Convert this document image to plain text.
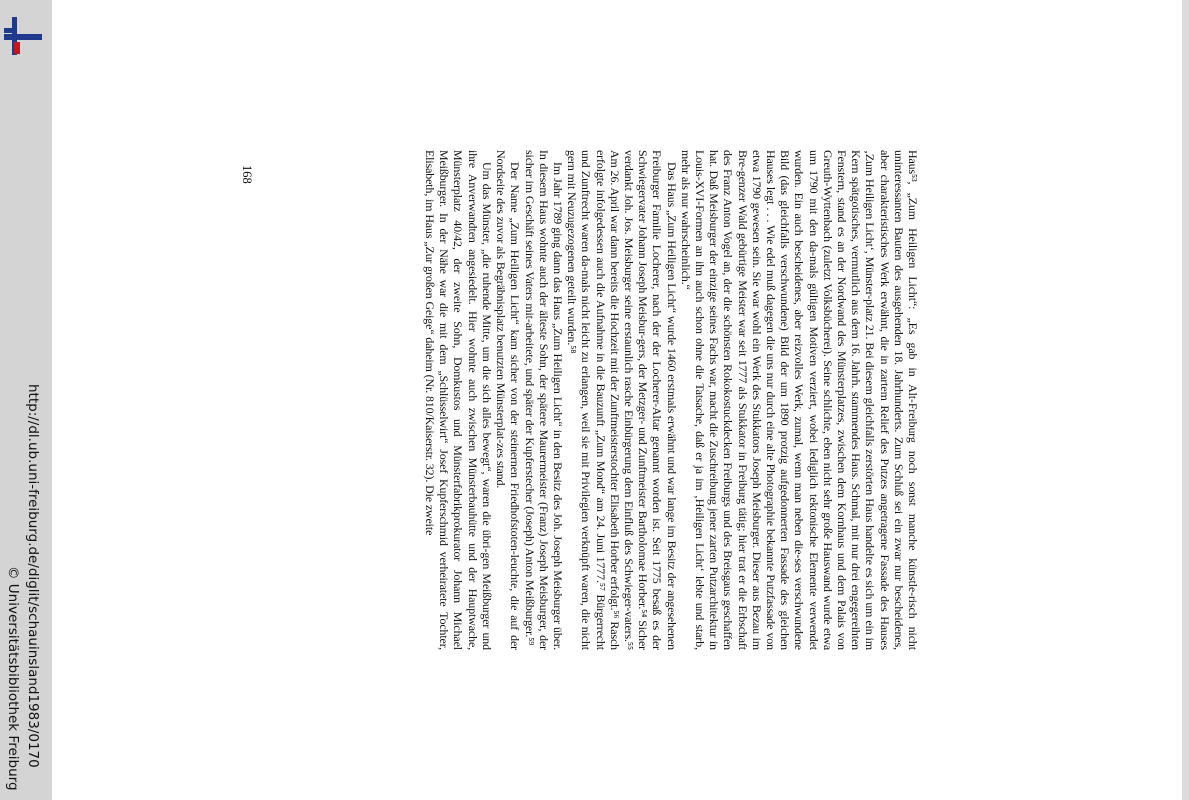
Haus⁵³, „Zum Heiligen Licht“: „Es gab in Alt-Freiburg noch sonst manche künstle-risch nicht uninteressanten Bauten des ausgehenden 18. Jahrhunderts. Zum Schluß sei ein zwar nur bescheidenes, aber charakteristisches Werk erwähnt, die in zartem Relief des Putzes angetragene Fassade des Hauses ‚Zum Heiligen Licht‘, Münster-platz 21. Bei diesem gleichfalls zerstörten Haus handelte es sich um ein im Kern spätgotisches, vermutlich aus dem 16. Jahrh. stammendes Haus. Schmal, mit nur drei engegereihten Fenstern, stand es an der Nordwand des Münsterplatzes, zwischen dem Kornhaus und dem Palais von Greuth-Wyttenbach (zuletzt Volksbücherei). Seine schlichte, eben nicht sehr große Hauswand wurde etwa um 1790 mit den da-mals gültigen Motiven verziert, wobei lediglich tektonische Elemente verwendet wurden. Ein auch bescheidenes, aber reizvolles Werk, zumal, wenn man neben die-ses verschwundene Bild (das gleichfalls verschwundene) Bild der um 1890 protzig aufgedonnerten Fassade des gleichen Hauses legt . . . Wie edel muß dagegen die uns nur durch eine alte Photographie bekannte Putzfassade von etwa 1790 gewesen sein. Sie war wohl ein Werk des Stukkators Joseph Meisburger. Dieser aus Bezau im Bre-genzer Wald gebürtige Meister war seit 1777 als Stukkator in Freiburg tätig; hier trat er die Erbschaft des Franz Anton Vogel an, der die schönsten Rokokostuckdecken Freiburgs und des Breisgaus geschaffen hat. Daß Meisburger der einzige seines Fachs war, macht die Zuschreibung jener zarten Putzarchitektur in Louis-XVI-Formen an ihn auch schon ohne die Tatsache, daß er ja im ‚Heiligen Licht‘ lebte und starb, mehr als nur wahrscheinlich.“

Das Haus „Zum Heiligen Licht“ wurde 1460 erstmals erwähnt und war lange im Besitz der angesehenen Freiburger Familie Locherer, nach der der Locherer-Altar genannt worden ist. Seit 1775 besaß es der Schwiegervater Johann Joseph Meisbur-gers, der Metzger- und Zunftmeister Bartholomae Horber.⁵⁴ Sicher verdankt Joh. Jos. Meisburger seine erstaunlich rasche Einbürgerung dem Einfluß des Schwieger-vaters.⁵⁵ Am 26. April war dann bereits die Hochzeit mit der Zunftmeisterstochter Elisabeth Horber erfolgt.⁵⁶ Rasch erfolgte infolgedessen auch die Aufnahme in die Bauzunft „Zum Mond“ am 24. Juni 1777.⁵⁷ Bürgerrecht und Zunftrecht waren da-mals nicht leicht zu erlangen, weil sie mit Privilegien verknüpft waren, die nicht gern mit Neuzugezogenen geteilt wurden.⁵⁸

Im Jahr 1789 ging dann das Haus „Zum Heiligen Licht“ in den Besitz des Joh. Joseph Meisburger über. In diesem Haus wohnte auch der älteste Sohn, der spätere Maurermeister (Franz) Joseph Meisburger, der sicher im Geschäft seines Vaters mit-arbeitete, und später der Kupferstecher (Joseph) Anton Meißburger.⁵⁹

Der Name „Zum Heiligen Licht“ kam sicher von der steinernen Friedhofstoten-leuchte, die auf der Nordseite des zuvor als Begräbnisplatz benutzten Münsterplat-zes stand.

Um das Münster, „die ruhende Mitte, um die sich alles bewegt“, waren die übri-gen Meißburger und ihre Anverwandten angesiedelt. Hier wohnte auch zwischen Münsterbauhütte und der Hauptwache, Münsterplatz 40/42, der zweite Sohn, Domkustos und Münsterfabrikprokurator Johann Michael Meißburger. In der Nähe war die mit dem „Schlüsselwirt“ Josef Kupferschmid verheiratete Tochter, Elisabeth, im Haus „Zur großen Geige“ daheim (Nr. 810/Kaiserstr. 32). Die zweite

168
http://dl.ub.uni-freiburg.de/diglit/schauinsland1983/0170
© Universitätsbibliothek Freiburg
